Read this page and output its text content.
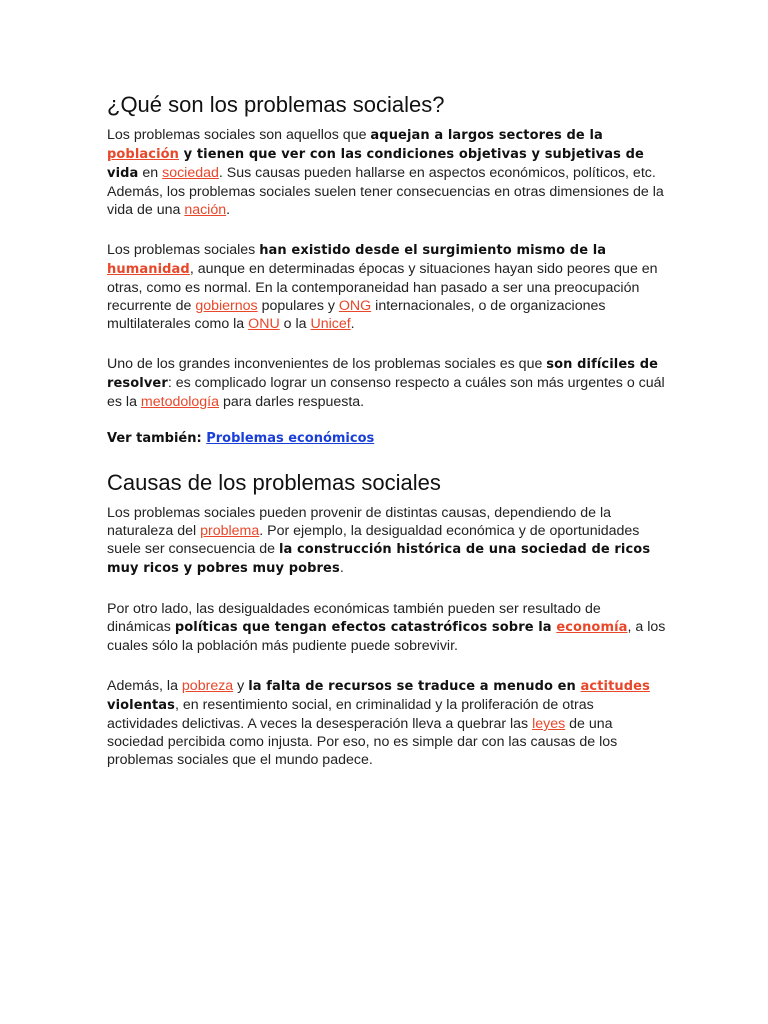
¿Qué son los problemas sociales?

Los problemas sociales son aquellos que aquejan a largos sectores de la población y tienen que ver con las condiciones objetivas y subjetivas de vida en sociedad. Sus causas pueden hallarse en aspectos económicos, políticos, etc. Además, los problemas sociales suelen tener consecuencias en otras dimensiones de la vida de una nación.

Los problemas sociales han existido desde el surgimiento mismo de la humanidad, aunque en determinadas épocas y situaciones hayan sido peores que en otras, como es normal. En la contemporaneidad han pasado a ser una preocupación recurrente de gobiernos populares y ONG internacionales, o de organizaciones multilaterales como la ONU o la Unicef.

Uno de los grandes inconvenientes de los problemas sociales es que son difíciles de resolver: es complicado lograr un consenso respecto a cuáles son más urgentes o cuál es la metodología para darles respuesta.

Ver también: Problemas económicos
Causas de los problemas sociales

Los problemas sociales pueden provenir de distintas causas, dependiendo de la naturaleza del problema. Por ejemplo, la desigualdad económica y de oportunidades suele ser consecuencia de la construcción histórica de una sociedad de ricos muy ricos y pobres muy pobres.

Por otro lado, las desigualdades económicas también pueden ser resultado de dinámicas políticas que tengan efectos catastróficos sobre la economía, a los cuales sólo la población más pudiente puede sobrevivir.

Además, la pobreza y la falta de recursos se traduce a menudo en actitudes violentas, en resentimiento social, en criminalidad y la proliferación de otras actividades delictivas. A veces la desesperación lleva a quebrar las leyes de una sociedad percibida como injusta. Por eso, no es simple dar con las causas de los problemas sociales que el mundo padece.
